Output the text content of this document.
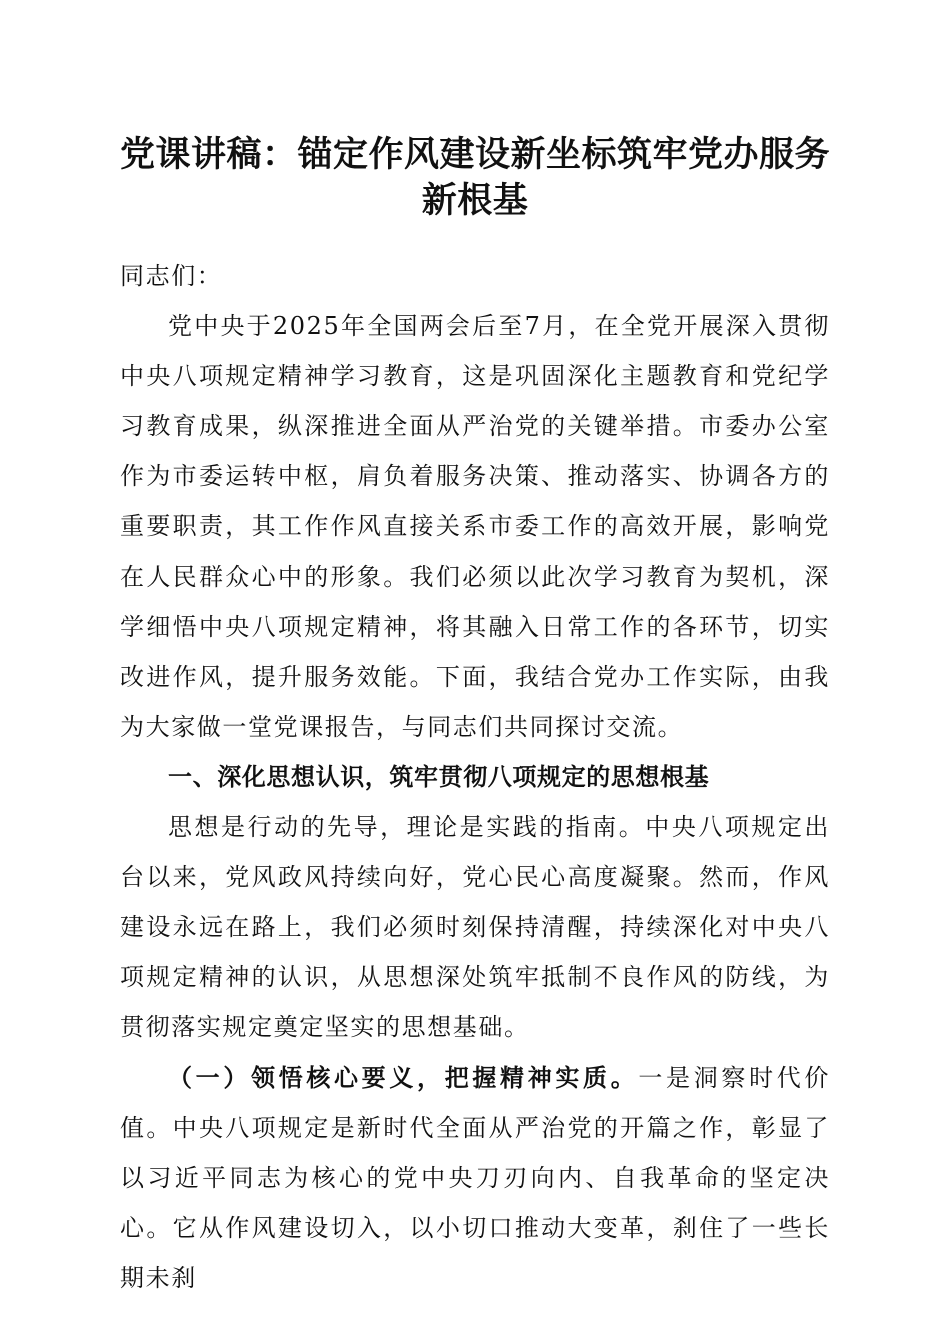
党课讲稿：锚定作风建设新坐标筑牢党办服务
新根基

同志们：

党中央于2025年全国两会后至7月，在全党开展深入贯彻中央八项规定精神学习教育，这是巩固深化主题教育和党纪学习教育成果，纵深推进全面从严治党的关键举措。市委办公室作为市委运转中枢，肩负着服务决策、推动落实、协调各方的重要职责，其工作作风直接关系市委工作的高效开展，影响党在人民群众心中的形象。我们必须以此次学习教育为契机，深学细悟中央八项规定精神，将其融入日常工作的各环节，切实改进作风，提升服务效能。下面，我结合党办工作实际，由我为大家做一堂党课报告，与同志们共同探讨交流。

一、深化思想认识，筑牢贯彻八项规定的思想根基

思想是行动的先导，理论是实践的指南。中央八项规定出台以来，党风政风持续向好，党心民心高度凝聚。然而，作风建设永远在路上，我们必须时刻保持清醒，持续深化对中央八项规定精神的认识，从思想深处筑牢抵制不良作风的防线，为贯彻落实规定奠定坚实的思想基础。

（一）领悟核心要义，把握精神实质。一是洞察时代价值。中央八项规定是新时代全面从严治党的开篇之作，彰显了以习近平同志为核心的党中央刀刃向内、自我革命的坚定决心。它从作风建设切入，以小切口推动大变革，刹住了一些长期未刹
